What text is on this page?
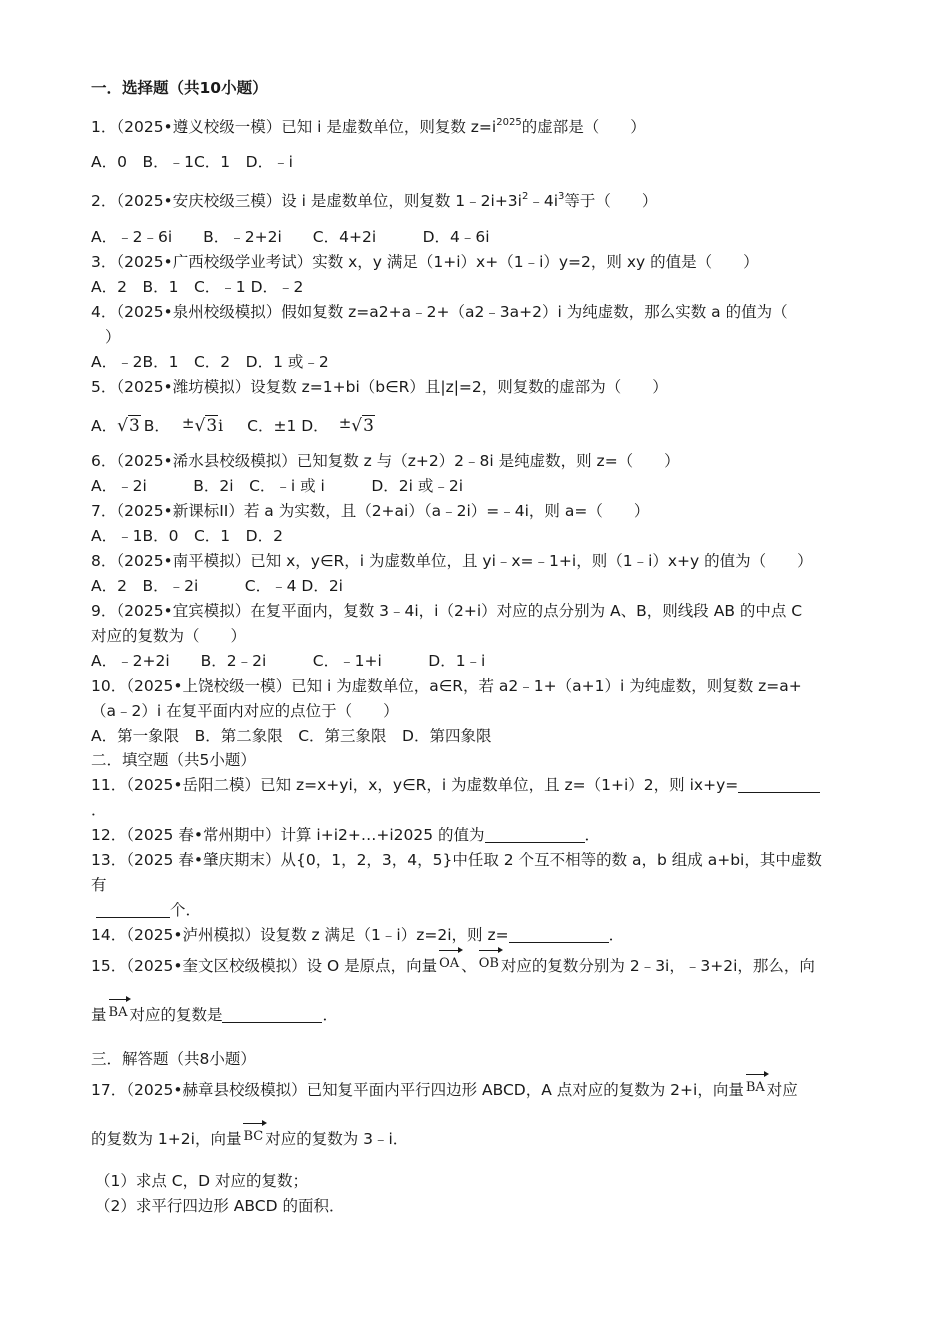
一．选择题（共10小题）
1．（2025•遵义校级一模）已知 i 是虚数单位，则复数 $z=i^{2025}$的虚部是（　　）
A．0　B．﹣1C．1　D．﹣i
2．（2025•安庆校级三模）设 i 是虚数单位，则复数 $1﹣2i+3i^2﹣4i^3$等于（　　）
A．﹣2﹣6i　　B．﹣2+2i　　C．4+2i　　　D．4﹣6i
3．（2025•广西校级学业考试）实数 x，y 满足（1+i）x+（1﹣i）y=2，则 xy 的值是（　　）
A．2　B．1　C．﹣1 D．﹣2
4．（2025•泉州校级模拟）假如复数 z=a2+a﹣2+（a2﹣3a+2）i 为纯虚数，那么实数 a 的值为（
）
A．﹣2B．1　C．2　D．1 或﹣2
5．（2025•潍坊模拟）设复数 z=1+bi（b∈R）且|z|=2，则复数的虚部为（　　）
A．√3 B． ±√3i C．±1 D． ±√3
6．（2025•浠水县校级模拟）已知复数 z 与（z+2）2﹣8i 是纯虚数，则 z=（　　）
A．﹣2i　　　B．2i　C．﹣i 或 i　　　D．2i 或﹣2i
7．（2025•新课标II）若 a 为实数，且（2+ai）（a﹣2i）=﹣4i，则 a=（　　）
A．﹣1B．0　C．1　D．2
8．（2025•南平模拟）已知 x，y∈R，i 为虚数单位，且 yi﹣x=﹣1+i，则（1﹣i）x+y 的值为（　　）
A．2　B．﹣2i　　　C．﹣4 D．2i
9．（2025•宜宾模拟）在复平面内，复数 3﹣4i，i（2+i）对应的点分别为 A、B，则线段 AB 的中点 C
对应的复数为（　　）
A．﹣2+2i　　B．2﹣2i　　　C．﹣1+i　　　D．1﹣i
10．（2025•上饶校级一模）已知 i 为虚数单位，a∈R，若 a2﹣1+（a+1）i 为纯虚数，则复数 z=a+
（a﹣2）i 在复平面内对应的点位于（　　）
A．第一象限　B．第二象限　C．第三象限　D．第四象限
二．填空题（共5小题）
11．（2025•岳阳二模）已知 z=x+yi，x，y∈R，i 为虚数单位，且 z=（1+i）2，则 ix+y=
．
12．（2025 春•常州期中）计算 i+i2+…+i2025 的值为	．
13．（2025 春•肇庆期末）从{0，1，2，3，4，5}中任取 2 个互不相等的数 a，b 组成 a+bi，其中虚数
有
个．
14．（2025•泸州模拟）设复数 z 满足（1﹣i）z=2i，则 z=	．
15．（2025•奎文区校级模拟）设 O 是原点，向量 OA 、 OB 对应的复数分别为 2﹣3i，﹣3+2i，那么，向
量 BA 对应的复数是	．
三．解答题（共8小题）
17．（2025•赫章县校级模拟）已知复平面内平行四边形 ABCD，A 点对应的复数为 2+i，向量 BA 对应
的复数为 1+2i，向量 BC 对应的复数为 3﹣i．
（1）求点 C，D 对应的复数；
（2）求平行四边形 ABCD 的面积．
